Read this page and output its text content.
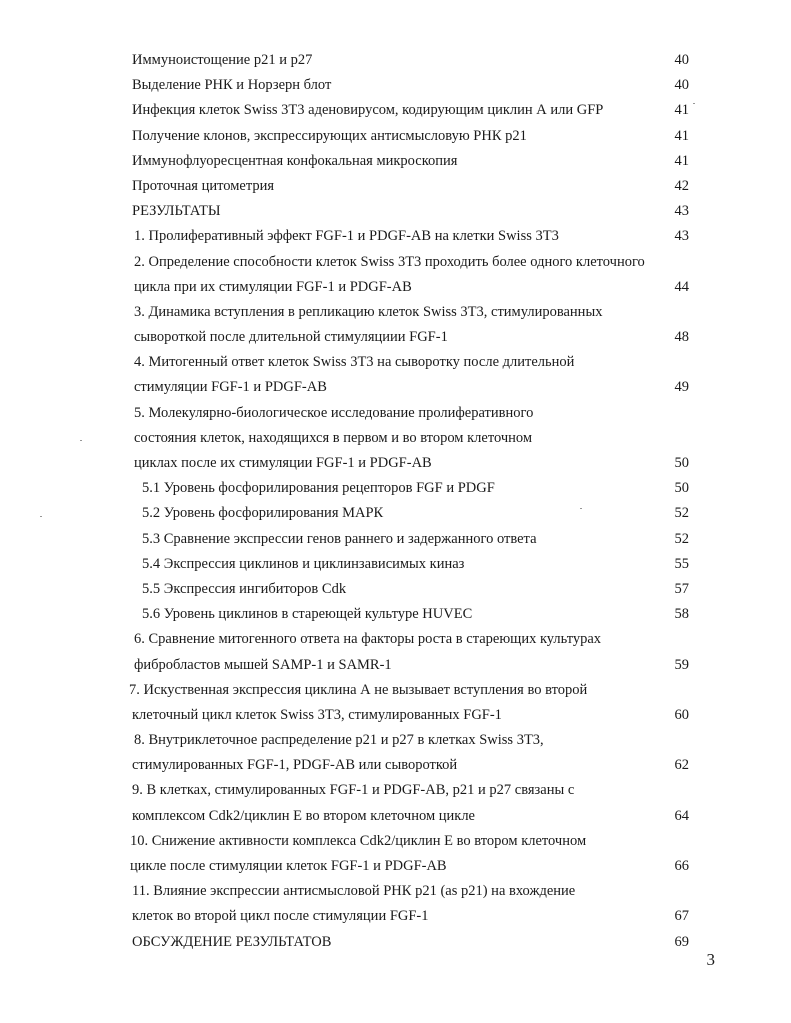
Иммуноистощение p21 и p27	40
Выделение РНК и Норзерн блот	40
Инфекция клеток Swiss 3T3 аденовирусом, кодирующим циклин А или GFP	41
Получение клонов, экспрессирующих антисмысловую РНК p21	41
Иммунофлуоресцентная конфокальная микроскопия	41
Проточная цитометрия	42
РЕЗУЛЬТАТЫ	43
1. Пролиферативный эффект FGF-1 и PDGF-AB на клетки Swiss 3T3	43
2. Определение способности клеток Swiss 3T3 проходить более одного клеточного
цикла при их стимуляции FGF-1 и PDGF-AB	44
3. Динамика вступления в репликацию клеток Swiss 3T3, стимулированных
сывороткой после длительной стимуляциии FGF-1	48
4. Митогенный ответ клеток Swiss 3T3 на сыворотку после длительной
стимуляции FGF-1 и PDGF-AB	49
5. Молекулярно-биологическое исследование пролиферативного
состояния клеток, находящихся в первом и во втором клеточном
циклах после их стимуляции FGF-1 и PDGF-AB	50
5.1 Уровень фосфорилирования рецепторов FGF и PDGF	50
5.2 Уровень фосфорилирования МАРК	52
5.3 Сравнение экспрессии генов раннего и задержанного ответа	52
5.4 Экспрессия циклинов и циклинзависимых киназ	55
5.5 Экспрессия ингибиторов Cdk	57
5.6 Уровень циклинов в стареющей культуре HUVEC	58
6. Сравнение митогенного ответа на факторы роста в стареющих культурах
фибробластов мышей SAMP-1 и SAMR-1	59
7. Искуственная экспрессия циклина А не вызывает вступления во второй
клеточный цикл клеток Swiss 3T3, стимулированных FGF-1	60
8. Внутриклеточное распределение p21 и p27 в клетках Swiss 3T3,
стимулированных FGF-1, PDGF-AB или сывороткой	62
9. В клетках, стимулированных FGF-1 и PDGF-AB, p21 и p27 связаны с
комплексом Cdk2/циклин Е во втором клеточном цикле	64
10. Снижение активности комплекса Cdk2/циклин Е во втором клеточном
цикле после стимуляции клеток FGF-1 и PDGF-AB	66
11. Влияние экспрессии антисмысловой РНК p21 (as p21) на вхождение
клеток во второй цикл после стимуляции FGF-1	67
ОБСУЖДЕНИЕ РЕЗУЛЬТАТОВ	69
3
